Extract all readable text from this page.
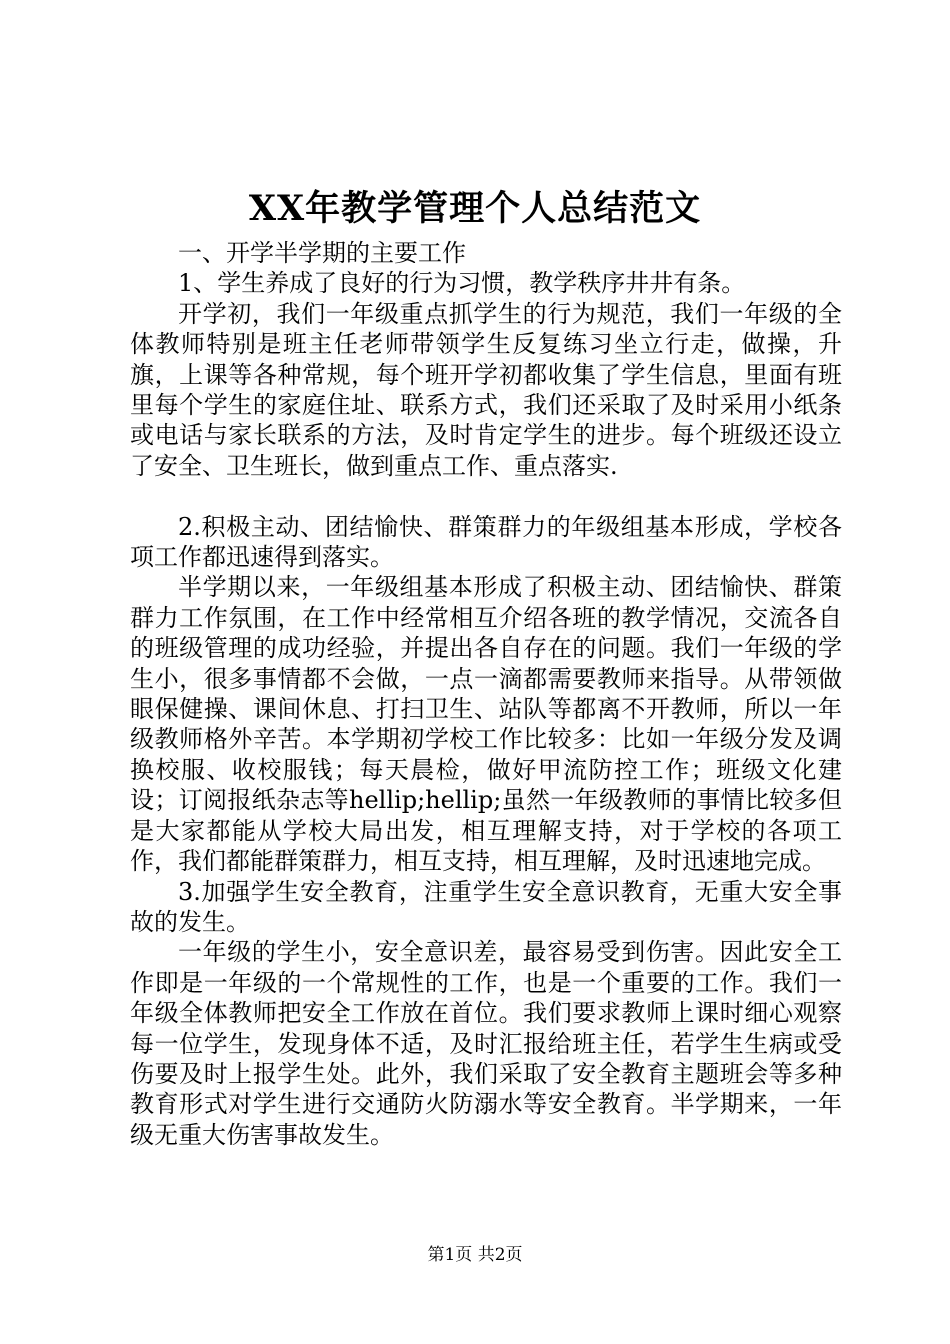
XX年教学管理个人总结范文

一、开学半学期的主要工作

1、学生养成了良好的行为习惯，教学秩序井井有条。

开学初，我们一年级重点抓学生的行为规范，我们一年级的全体教师特别是班主任老师带领学生反复练习坐立行走，做操，升旗，上课等各种常规，每个班开学初都收集了学生信息，里面有班里每个学生的家庭住址、联系方式，我们还采取了及时采用小纸条或电话与家长联系的方法，及时肯定学生的进步。每个班级还设立了安全、卫生班长，做到重点工作、重点落实.

2.积极主动、团结愉快、群策群力的年级组基本形成，学校各项工作都迅速得到落实。

半学期以来，一年级组基本形成了积极主动、团结愉快、群策群力工作氛围，在工作中经常相互介绍各班的教学情况，交流各自的班级管理的成功经验，并提出各自存在的问题。我们一年级的学生小，很多事情都不会做，一点一滴都需要教师来指导。从带领做眼保健操、课间休息、打扫卫生、站队等都离不开教师，所以一年级教师格外辛苦。本学期初学校工作比较多：比如一年级分发及调换校服、收校服钱；每天晨检，做好甲流防控工作；班级文化建设；订阅报纸杂志等hellip;hellip;虽然一年级教师的事情比较多但是大家都能从学校大局出发，相互理解支持，对于学校的各项工作，我们都能群策群力，相互支持，相互理解，及时迅速地完成。

3.加强学生安全教育，注重学生安全意识教育，无重大安全事故的发生。

一年级的学生小，安全意识差，最容易受到伤害。因此安全工作即是一年级的一个常规性的工作，也是一个重要的工作。我们一年级全体教师把安全工作放在首位。我们要求教师上课时细心观察每一位学生，发现身体不适，及时汇报给班主任，若学生生病或受伤要及时上报学生处。此外，我们采取了安全教育主题班会等多种教育形式对学生进行交通防火防溺水等安全教育。半学期来，一年级无重大伤害事故发生。

第1页 共2页
